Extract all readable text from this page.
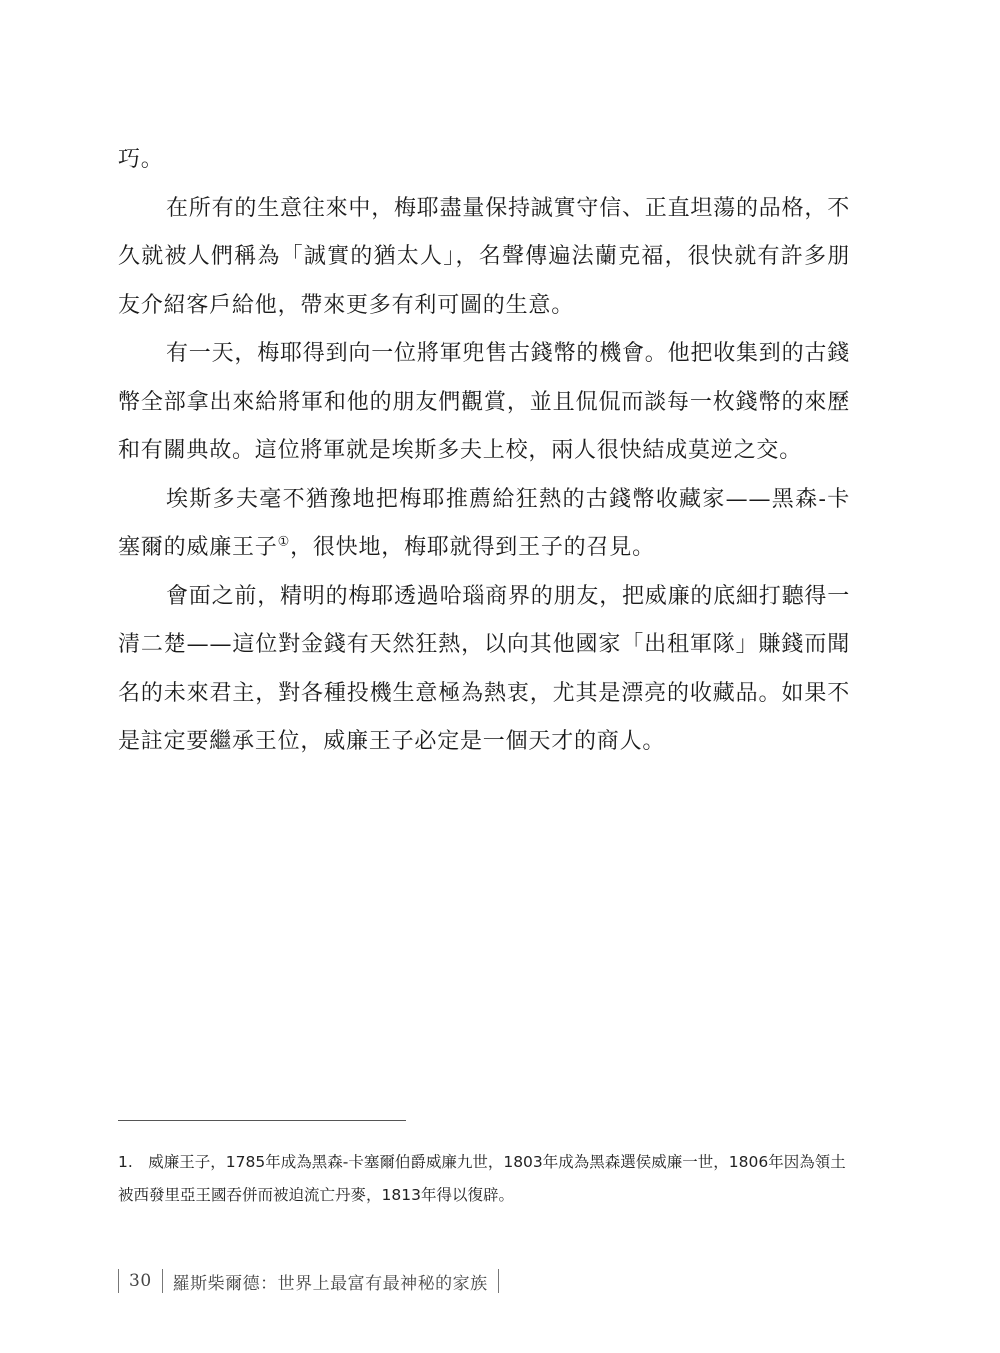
巧。

在所有的生意往來中，梅耶盡量保持誠實守信、正直坦蕩的品格，不久就被人們稱為「誠實的猶太人」，名聲傳遍法蘭克福，很快就有許多朋友介紹客戶給他，帶來更多有利可圖的生意。

有一天，梅耶得到向一位將軍兜售古錢幣的機會。他把收集到的古錢幣全部拿出來給將軍和他的朋友們觀賞，並且侃侃而談每一枚錢幣的來歷和有關典故。這位將軍就是埃斯多夫上校，兩人很快結成莫逆之交。

埃斯多夫毫不猶豫地把梅耶推薦給狂熱的古錢幣收藏家——黑森-卡塞爾的威廉王子①，很快地，梅耶就得到王子的召見。

會面之前，精明的梅耶透過哈瑙商界的朋友，把威廉的底細打聽得一清二楚——這位對金錢有天然狂熱，以向其他國家「出租軍隊」賺錢而聞名的未來君主，對各種投機生意極為熱衷，尤其是漂亮的收藏品。如果不是註定要繼承王位，威廉王子必定是一個天才的商人。

1.　威廉王子，1785年成為黑森-卡塞爾伯爵威廉九世，1803年成為黑森選侯威廉一世，1806年因為領土被西發里亞王國吞併而被迫流亡丹麥，1813年得以復辟。

30	羅斯柴爾德：世界上最富有最神秘的家族
